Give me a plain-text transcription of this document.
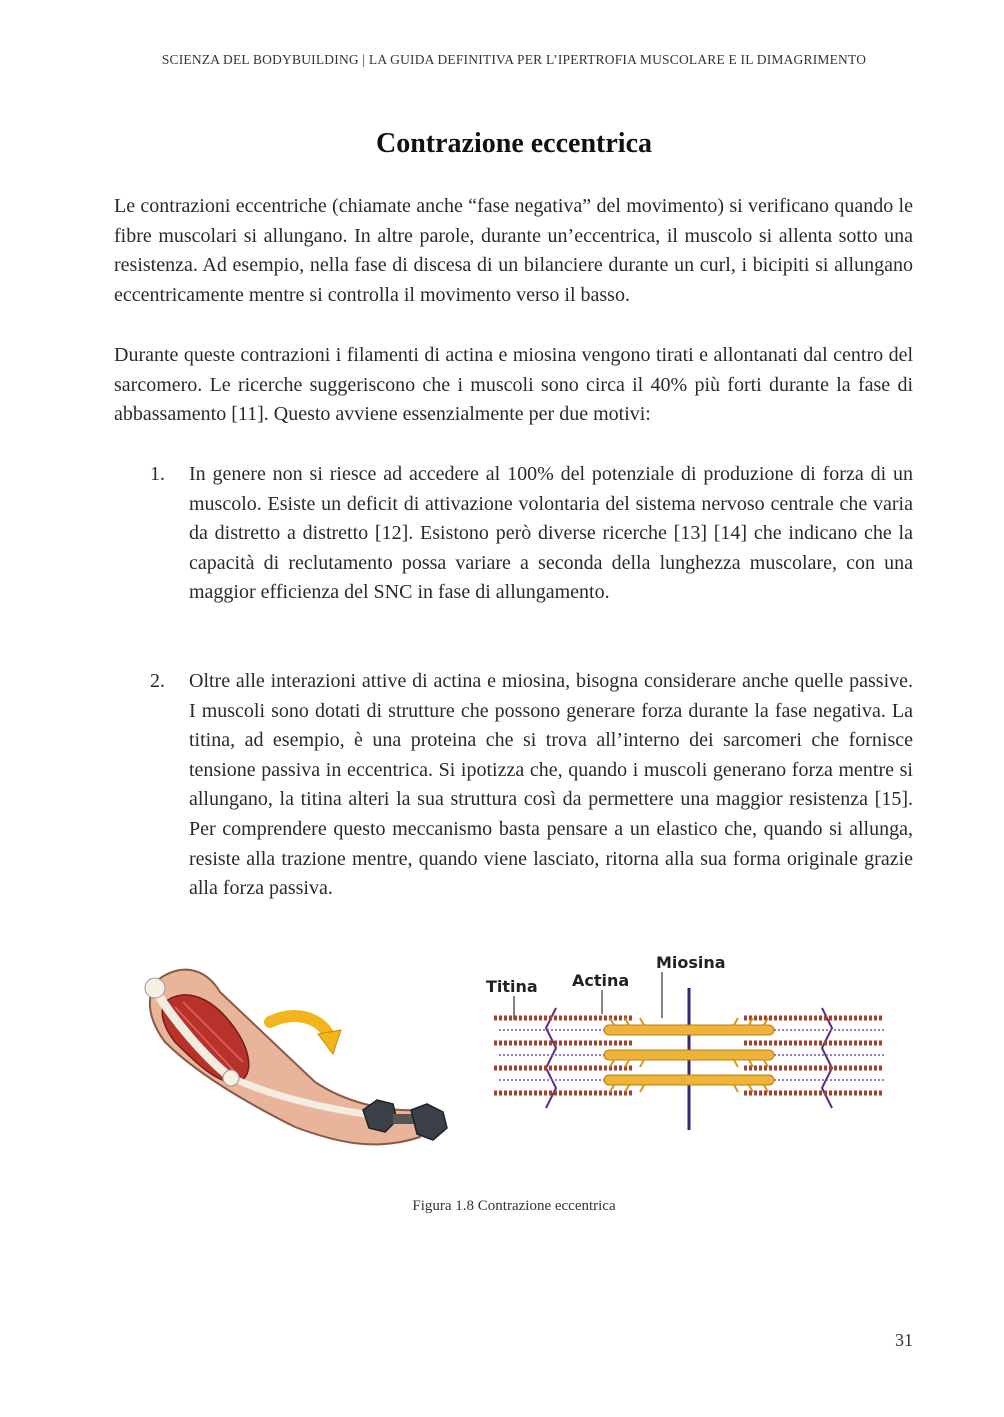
SCIENZA DEL BODYBUILDING | LA GUIDA DEFINITIVA PER L’IPERTROFIA MUSCOLARE E IL DIMAGRIMENTO
Contrazione eccentrica
Le contrazioni eccentriche (chiamate anche “fase negativa” del movimento) si verificano quando le fibre muscolari si allungano. In altre parole, durante un’eccentrica, il muscolo si allenta sotto una resistenza. Ad esempio, nella fase di discesa di un bilanciere durante un curl, i bicipiti si allungano eccentricamente mentre si controlla il movimento verso il basso.
Durante queste contrazioni i filamenti di actina e miosina vengono tirati e allontanati dal centro del sarcomero. Le ricerche suggeriscono che i muscoli sono circa il 40% più forti durante la fase di abbassamento [11]. Questo avviene essenzialmente per due motivi:
1. In genere non si riesce ad accedere al 100% del potenziale di produzione di forza di un muscolo. Esiste un deficit di attivazione volontaria del sistema nervoso centrale che varia da distretto a distretto [12]. Esistono però diverse ricerche [13] [14] che indicano che la capacità di reclutamento possa variare a seconda della lunghezza muscolare, con una maggior efficienza del SNC in fase di allungamento.
2. Oltre alle interazioni attive di actina e miosina, bisogna considerare anche quelle passive. I muscoli sono dotati di strutture che possono generare forza durante la fase negativa. La titina, ad esempio, è una proteina che si trova all’interno dei sarcomeri che fornisce tensione passiva in eccentrica. Si ipotizza che, quando i muscoli generano forza mentre si allungano, la titina alteri la sua struttura così da permettere una maggior resistenza [15]. Per comprendere questo meccanismo basta pensare a un elastico che, quando si allunga, resiste alla trazione mentre, quando viene lasciato, ritorna alla sua forma originale grazie alla forza passiva.
Titina Actina
Miosina
Figura 1.8 Contrazione eccentrica
31
